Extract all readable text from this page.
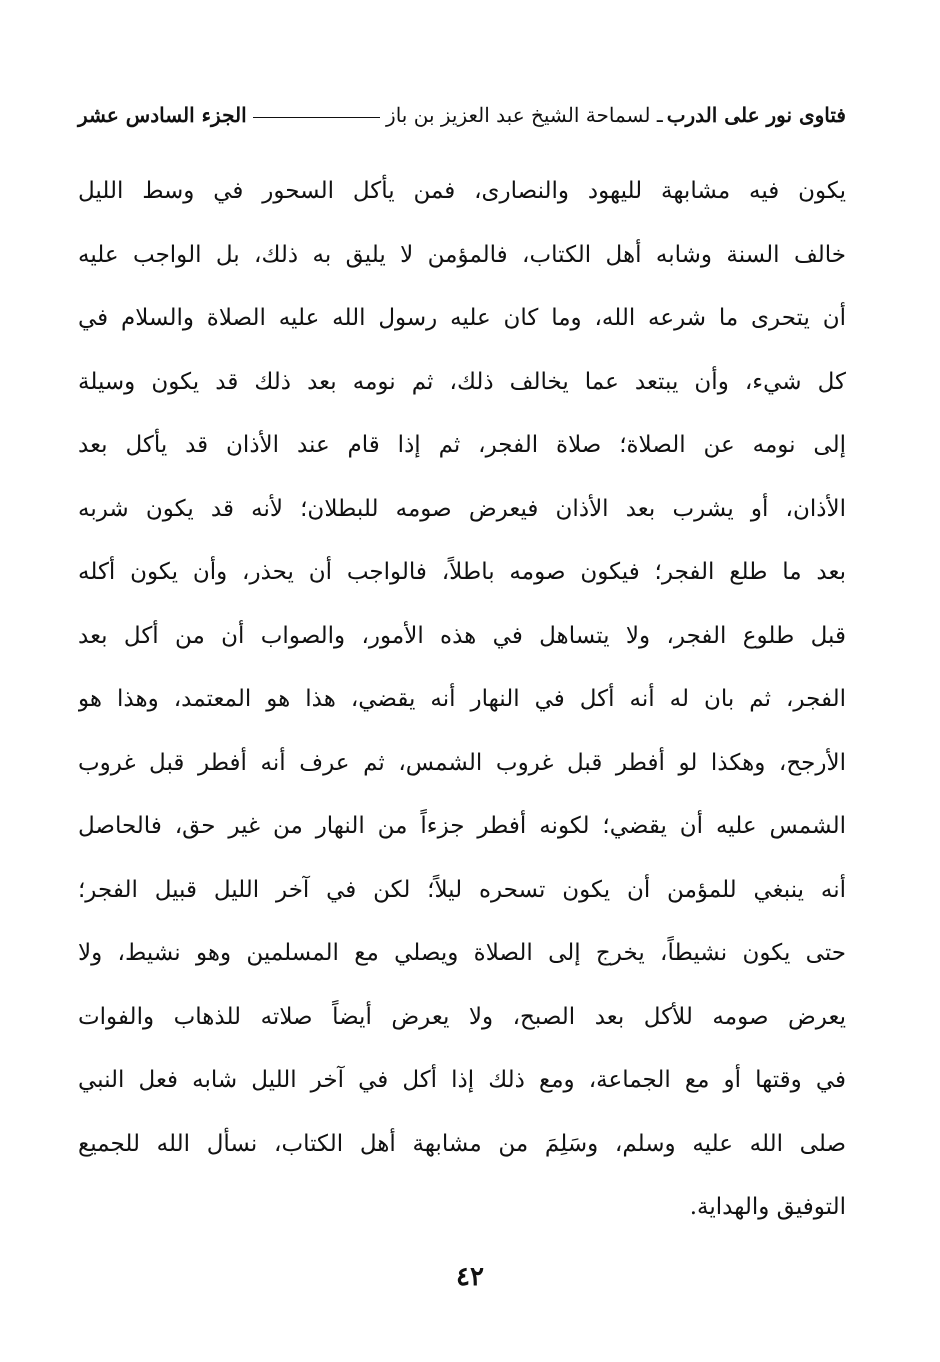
فتاوى نور على الدرب
ـ لسماحة الشيخ عبد العزيز بن باز
الجزء السادس عشر
يكون فيه مشابهة لليهود والنصارى، فمن يأكل السحور في وسط الليل
خالف السنة وشابه أهل الكتاب، فالمؤمن لا يليق به ذلك، بل الواجب عليه
أن يتحرى ما شرعه الله، وما كان عليه رسول الله عليه الصلاة والسلام في
كل شيء، وأن يبتعد عما يخالف ذلك، ثم نومه بعد ذلك قد يكون وسيلة
إلى نومه عن الصلاة؛ صلاة الفجر، ثم إذا قام عند الأذان قد يأكل بعد
الأذان، أو يشرب بعد الأذان فيعرض صومه للبطلان؛ لأنه قد يكون شربه
بعد ما طلع الفجر؛ فيكون صومه باطلاً، فالواجب أن يحذر، وأن يكون أكله
قبل طلوع الفجر، ولا يتساهل في هذه الأمور، والصواب أن من أكل بعد
الفجر، ثم بان له أنه أكل في النهار أنه يقضي، هذا هو المعتمد، وهذا هو
الأرجح، وهكذا لو أفطر قبل غروب الشمس، ثم عرف أنه أفطر قبل غروب
الشمس عليه أن يقضي؛ لكونه أفطر جزءاً من النهار من غير حق، فالحاصل
أنه ينبغي للمؤمن أن يكون تسحره ليلاً؛ لكن في آخر الليل قبيل الفجر؛
حتى يكون نشيطاً، يخرج إلى الصلاة ويصلي مع المسلمين وهو نشيط، ولا
يعرض صومه للأكل بعد الصبح، ولا يعرض أيضاً صلاته للذهاب والفوات
في وقتها أو مع الجماعة، ومع ذلك إذا أكل في آخر الليل شابه فعل النبي
صلى الله عليه وسلم، وسَلِمَ من مشابهة أهل الكتاب، نسأل الله للجميع
التوفيق والهداية.
٤٢
